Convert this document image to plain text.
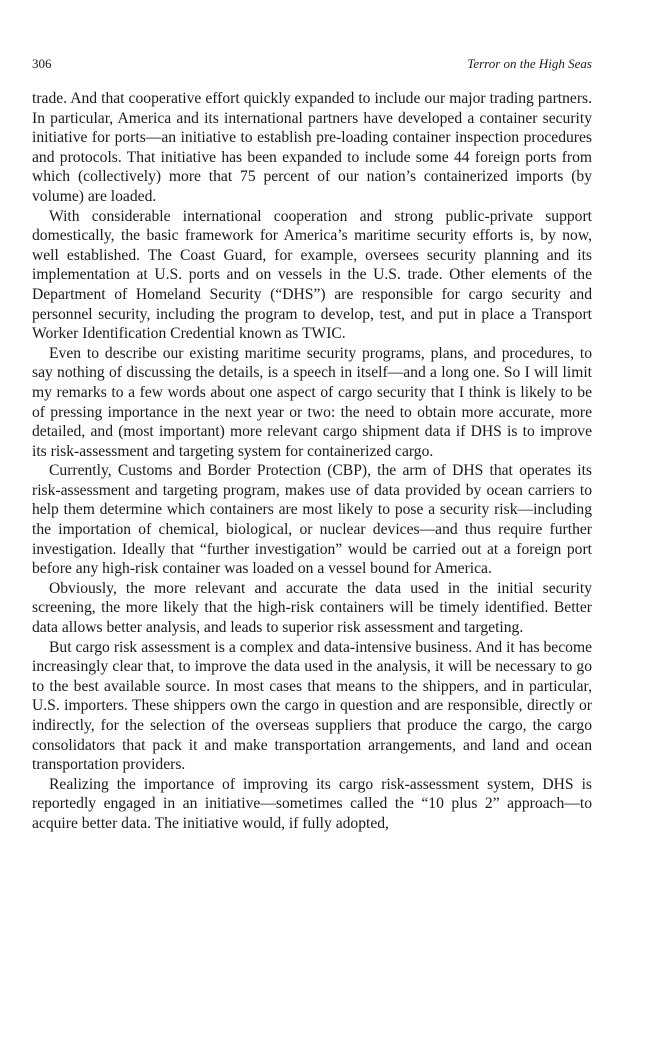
306	Terror on the High Seas

trade. And that cooperative effort quickly expanded to include our major trading partners. In particular, America and its international partners have developed a container security initiative for ports—an initiative to establish pre-loading container inspection procedures and protocols. That initiative has been expanded to include some 44 foreign ports from which (collectively) more that 75 percent of our nation’s containerized imports (by volume) are loaded.

With considerable international cooperation and strong public-private support domestically, the basic framework for America’s maritime security efforts is, by now, well established. The Coast Guard, for example, oversees security planning and its implementation at U.S. ports and on vessels in the U.S. trade. Other elements of the Department of Homeland Security (“DHS”) are responsible for cargo security and personnel security, including the program to develop, test, and put in place a Transport Worker Identification Credential known as TWIC.

Even to describe our existing maritime security programs, plans, and procedures, to say nothing of discussing the details, is a speech in itself—and a long one. So I will limit my remarks to a few words about one aspect of cargo security that I think is likely to be of pressing importance in the next year or two: the need to obtain more accurate, more detailed, and (most important) more relevant cargo shipment data if DHS is to improve its risk-assessment and targeting system for containerized cargo.

Currently, Customs and Border Protection (CBP), the arm of DHS that operates its risk-assessment and targeting program, makes use of data provided by ocean carriers to help them determine which containers are most likely to pose a security risk—including the importation of chemical, biological, or nuclear devices—and thus require further investigation. Ideally that “further investigation” would be carried out at a foreign port before any high-risk container was loaded on a vessel bound for America.

Obviously, the more relevant and accurate the data used in the initial security screening, the more likely that the high-risk containers will be timely identified. Better data allows better analysis, and leads to superior risk assessment and targeting.

But cargo risk assessment is a complex and data-intensive business. And it has become increasingly clear that, to improve the data used in the analysis, it will be necessary to go to the best available source. In most cases that means to the shippers, and in particular, U.S. importers. These shippers own the cargo in question and are responsible, directly or indirectly, for the selection of the overseas suppliers that produce the cargo, the cargo consolidators that pack it and make transportation arrangements, and land and ocean transportation providers.

Realizing the importance of improving its cargo risk-assessment system, DHS is reportedly engaged in an initiative—sometimes called the “10 plus 2” approach—to acquire better data. The initiative would, if fully adopted,
